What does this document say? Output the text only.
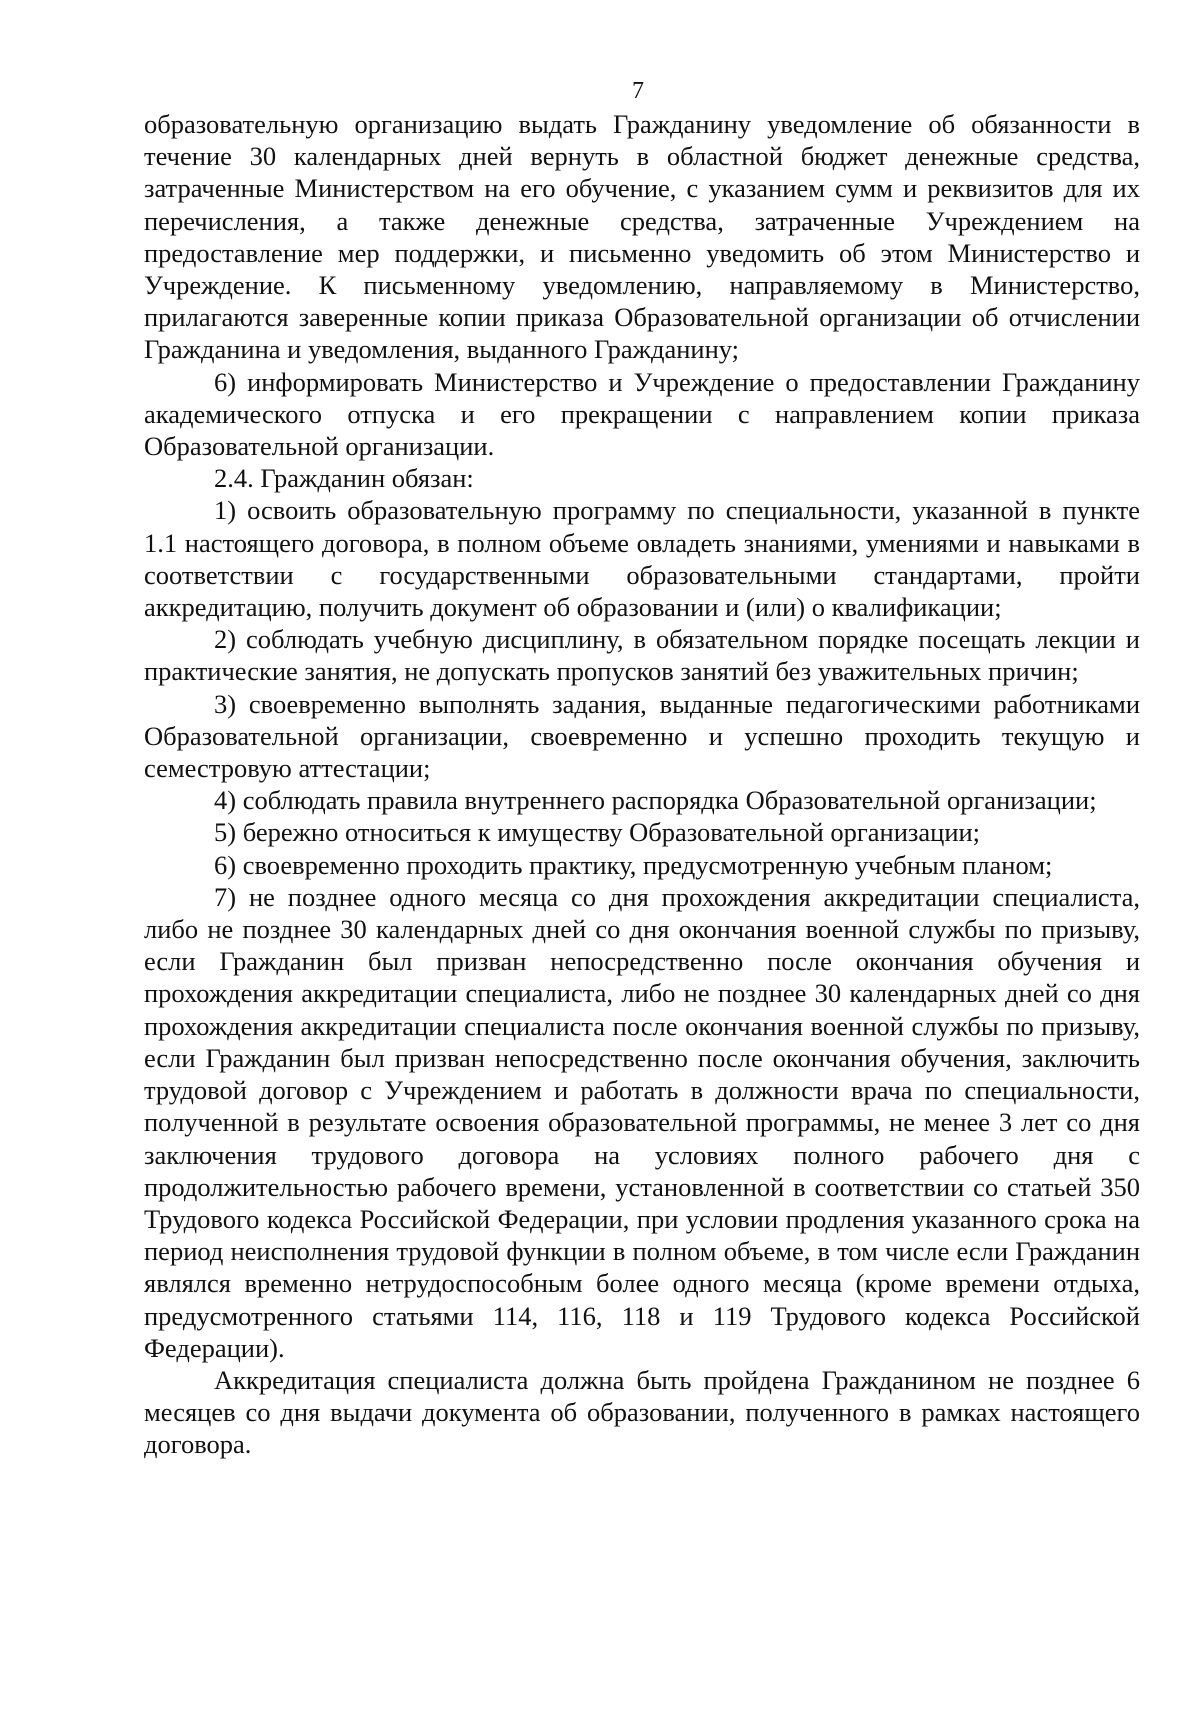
7

образовательную организацию выдать Гражданину уведомление об обязанности в течение 30 календарных дней вернуть в областной бюджет денежные средства, затраченные Министерством на его обучение, с указанием сумм и реквизитов для их перечисления, а также денежные средства, затраченные Учреждением на предоставление мер поддержки, и письменно уведомить об этом Министерство и Учреждение. К письменному уведомлению, направляемому в Министерство, прилагаются заверенные копии приказа Образовательной организации об отчислении Гражданина и уведомления, выданного Гражданину;

6) информировать Министерство и Учреждение о предоставлении Гражданину академического отпуска и его прекращении с направлением копии приказа Образовательной организации.

2.4. Гражданин обязан:

1) освоить образовательную программу по специальности, указанной в пункте 1.1 настоящего договора, в полном объеме овладеть знаниями, умениями и навыками в соответствии с государственными образовательными стандартами, пройти аккредитацию, получить документ об образовании и (или) о квалификации;

2) соблюдать учебную дисциплину, в обязательном порядке посещать лекции и практические занятия, не допускать пропусков занятий без уважительных причин;

3) своевременно выполнять задания, выданные педагогическими работниками Образовательной организации, своевременно и успешно проходить текущую и семестровую аттестации;

4) соблюдать правила внутреннего распорядка Образовательной организации;

5) бережно относиться к имуществу Образовательной организации;

6) своевременно проходить практику, предусмотренную учебным планом;

7) не позднее одного месяца со дня прохождения аккредитации специалиста, либо не позднее 30 календарных дней со дня окончания военной службы по призыву, если Гражданин был призван непосредственно после окончания обучения и прохождения аккредитации специалиста, либо не позднее 30 календарных дней со дня прохождения аккредитации специалиста после окончания военной службы по призыву, если Гражданин был призван непосредственно после окончания обучения, заключить трудовой договор с Учреждением и работать в должности врача по специальности, полученной в результате освоения образовательной программы, не менее 3 лет со дня заключения трудового договора на условиях полного рабочего дня с продолжительностью рабочего времени, установленной в соответствии со статьей 350 Трудового кодекса Российской Федерации, при условии продления указанного срока на период неисполнения трудовой функции в полном объеме, в том числе если Гражданин являлся временно нетрудоспособным более одного месяца (кроме времени отдыха, предусмотренного статьями 114, 116, 118 и 119 Трудового кодекса Российской Федерации).

Аккредитация специалиста должна быть пройдена Гражданином не позднее 6 месяцев со дня выдачи документа об образовании, полученного в рамках настоящего договора.
